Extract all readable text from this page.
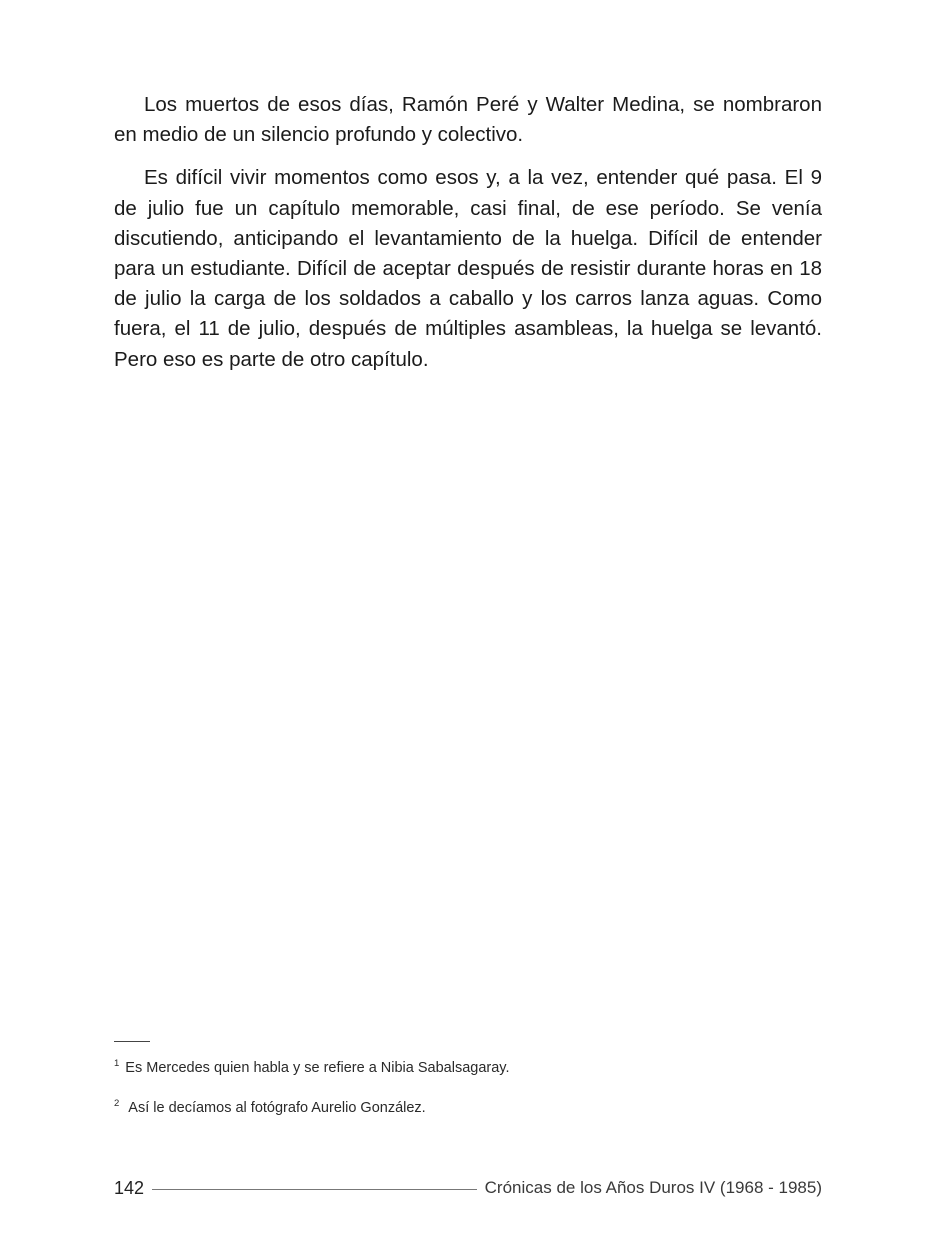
Los muertos de esos días, Ramón Peré y Walter Medina, se nombraron en medio de un silencio profundo y colectivo.

Es difícil vivir momentos como esos y, a la vez, entender qué pasa. El 9 de julio fue un capítulo memorable, casi final, de ese período. Se venía discutiendo, anticipando el levantamiento de la huelga. Difícil de entender para un estudiante. Difícil de aceptar después de resistir durante horas en 18 de julio la carga de los soldados a caballo y los carros lanza aguas. Como fuera, el 11 de julio, después de múltiples asambleas, la huelga se levantó. Pero eso es parte de otro capítulo.

$^1$ Es Mercedes quien habla y se refiere a Nibia Sabalsagaray.
$^2$ Así le decíamos al fotógrafo Aurelio González.
142	Crónicas de los Años Duros IV (1968 - 1985)
